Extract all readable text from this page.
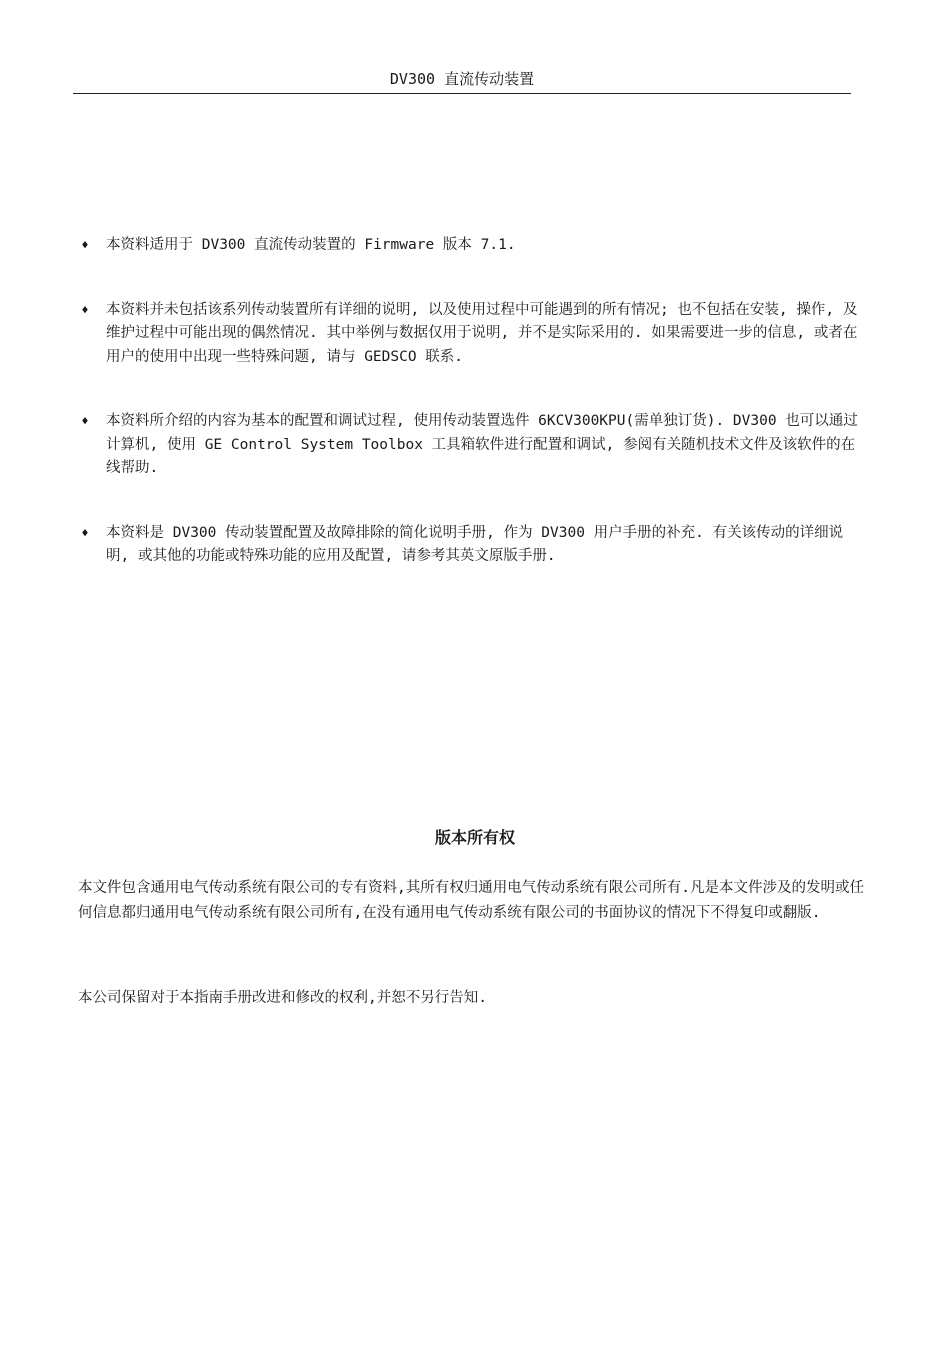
DV300 直流传动装置
♦ 本资料适用于 DV300 直流传动装置的 Firmware 版本 7.1.
♦ 本资料并未包括该系列传动装置所有详细的说明, 以及使用过程中可能遇到的所有情况; 也不包括在安装, 操作, 及维护过程中可能出现的偶然情况. 其中举例与数据仅用于说明, 并不是实际采用的. 如果需要进一步的信息, 或者在用户的使用中出现一些特殊问题, 请与 GEDSCO 联系.
♦ 本资料所介绍的内容为基本的配置和调试过程, 使用传动装置选件 6KCV300KPU(需单独订货). DV300 也可以通过计算机, 使用 GE Control System Toolbox 工具箱软件进行配置和调试, 参阅有关随机技术文件及该软件的在线帮助.
♦ 本资料是 DV300 传动装置配置及故障排除的简化说明手册, 作为 DV300 用户手册的补充. 有关该传动的详细说明, 或其他的功能或特殊功能的应用及配置, 请参考其英文原版手册.
版本所有权
本文件包含通用电气传动系统有限公司的专有资料,其所有权归通用电气传动系统有限公司所有.凡是本文件涉及的发明或任何信息都归通用电气传动系统有限公司所有,在没有通用电气传动系统有限公司的书面协议的情况下不得复印或翻版.
本公司保留对于本指南手册改进和修改的权利,并恕不另行告知.
